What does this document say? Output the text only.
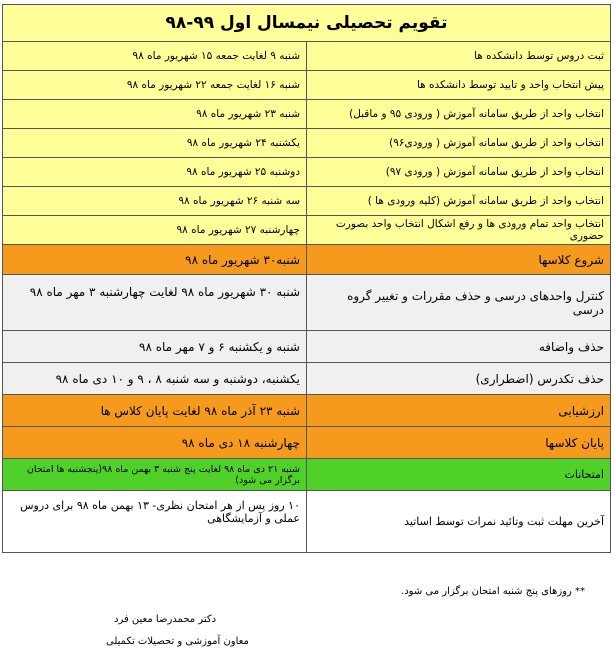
تقویم تحصیلی نیمسال اول ۹۹-۹۸	
ثبت دروس توسط دانشکده ها	شنبه ۹ لغایت جمعه ۱۵ شهریور ماه ۹۸
پیش انتخاب واحد و تایید توسط دانشکده ها	شنبه ۱۶ لغایت جمعه ۲۲ شهریور ماه ۹۸
انتخاب واحد از طریق سامانه آموزش ( ورودی ۹۵ و ماقبل)	شنبه ۲۳ شهریور ماه ۹۸
انتخاب واحد از طریق سامانه آموزش ( ورودی۹۶)	یکشنبه ۲۴ شهریور ماه ۹۸
انتخاب واحد از طریق سامانه آموزش ( ورودی ۹۷)	دوشنبه ۲۵ شهریور ماه ۹۸
انتخاب واحد از طریق سامانه آموزش (کلیه ورودی ها )	سه شنبه ۲۶ شهریور ماه ۹۸
انتخاب واحد تمام ورودی ها و رفع اشکال انتخاب واحد بصورت حضوری	چهارشنبه ۲۷ شهریور ماه ۹۸
شروع کلاسها	شنبه۳۰ شهریور ماه ۹۸
کنترل واحدهای درسی و حذف مقررات و تغییر گروه درسی	شنبه ۳۰ شهریور ماه ۹۸ لغایت چهارشنبه ۳ مهر ماه ۹۸
حذف واضافه	شنبه و یکشنبه ۶ و ۷ مهر ماه ۹۸
حذف تکدرس (اضطراری)	یکشنبه، دوشنبه و سه شنبه ۸ ، ۹ و ۱۰ دی ماه ۹۸
ارزشیابی	شنبه ۲۳ آذر ماه ۹۸ لغایت پایان کلاس ها
پایان کلاسها	چهارشنبه ۱۸ دی ماه ۹۸
امتحانات	شنبه ۲۱ دی ماه ۹۸ لغایت پنج شنبه ۳ بهمن ماه ۹۸(پنجشنبه ها امتحان برگزار می شود)
آخرین مهلت ثبت وتائید نمرات توسط اساتید	۱۰ روز پس از هر امتحان نظری- ۱۳ بهمن ماه ۹۸ برای دروس عملی و آزمایشگاهی
** روزهای پنج شنبه امتحان برگزار می شود.
دکتر محمدرضا معین فرد
معاون آموزشی و تحصیلات تکمیلی
